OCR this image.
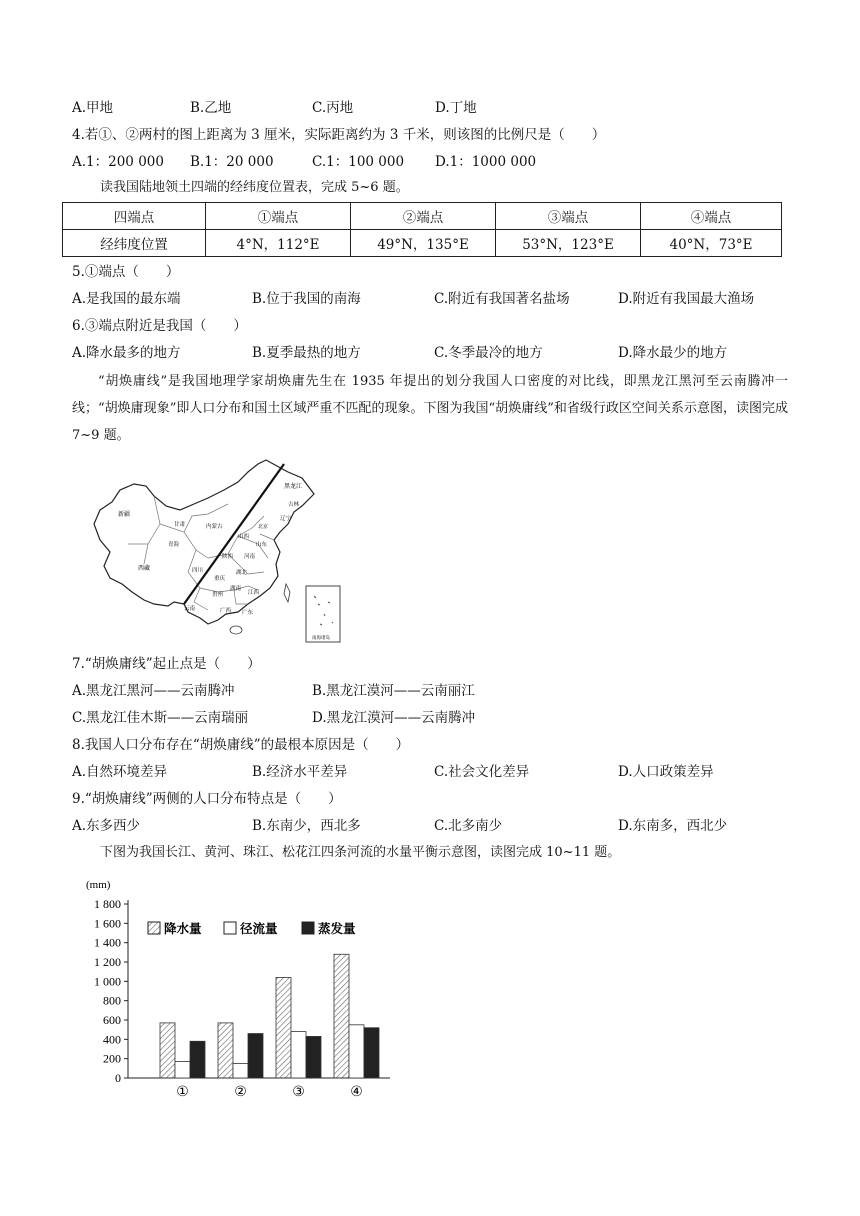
A.甲地	B.乙地	C.丙地	D.丁地
4.若①、②两村的图上距离为 3 厘米，实际距离约为 3 千米，则该图的比例尺是（　　）
A.1：200 000	B.1：20 000	C.1：100 000	D.1：1000 000
读我国陆地领土四端的经纬度位置表，完成 5~6 题。
四端点	①端点	②端点	③端点	④端点
经纬度位置	4°N，112°E	49°N，135°E	53°N，123°E	40°N，73°E
5.①端点（　　）
A.是我国的最东端	B.位于我国的南海	C.附近有我国著名盐场	D.附近有我国最大渔场
6.③端点附近是我国（　　）
A.降水最多的地方	B.夏季最热的地方	C.冬季最冷的地方	D.降水最少的地方
“胡焕庸线”是我国地理学家胡焕庸先生在 1935 年提出的划分我国人口密度的对比线，即黑龙江黑河至云南腾冲一线；“胡焕庸现象”即人口分布和国土区域严重不匹配的现象。下图为我国“胡焕庸线”和省级行政区空间关系示意图，读图完成 7~9 题。
黑龙江
吉林
辽宁
新疆
甘肃	内蒙古
青海
西藏
山西
陕西 河南
四川	湖北
重庆
贵州
云南
湖南
江西
广西 广东
北京
山东
南海诸岛
7.“胡焕庸线”起止点是（　　）
A.黑龙江黑河——云南腾冲	B.黑龙江漠河——云南丽江
C.黑龙江佳木斯——云南瑞丽	D.黑龙江漠河——云南腾冲
8.我国人口分布存在“胡焕庸线”的最根本原因是（　　）
A.自然环境差异	B.经济水平差异	C.社会文化差异	D.人口政策差异
9.“胡焕庸线”两侧的人口分布特点是（　　）
A.东多西少	B.东南少，西北多	C.北多南少	D.东南多，西北少
下图为我国长江、黄河、珠江、松花江四条河流的水量平衡示意图，读图完成 10~11 题。
(mm)
0
200
400
600
800
1 000
1 200
1 400
1 600
1 800
降水量	径流量	蒸发量
①	②	③	④
